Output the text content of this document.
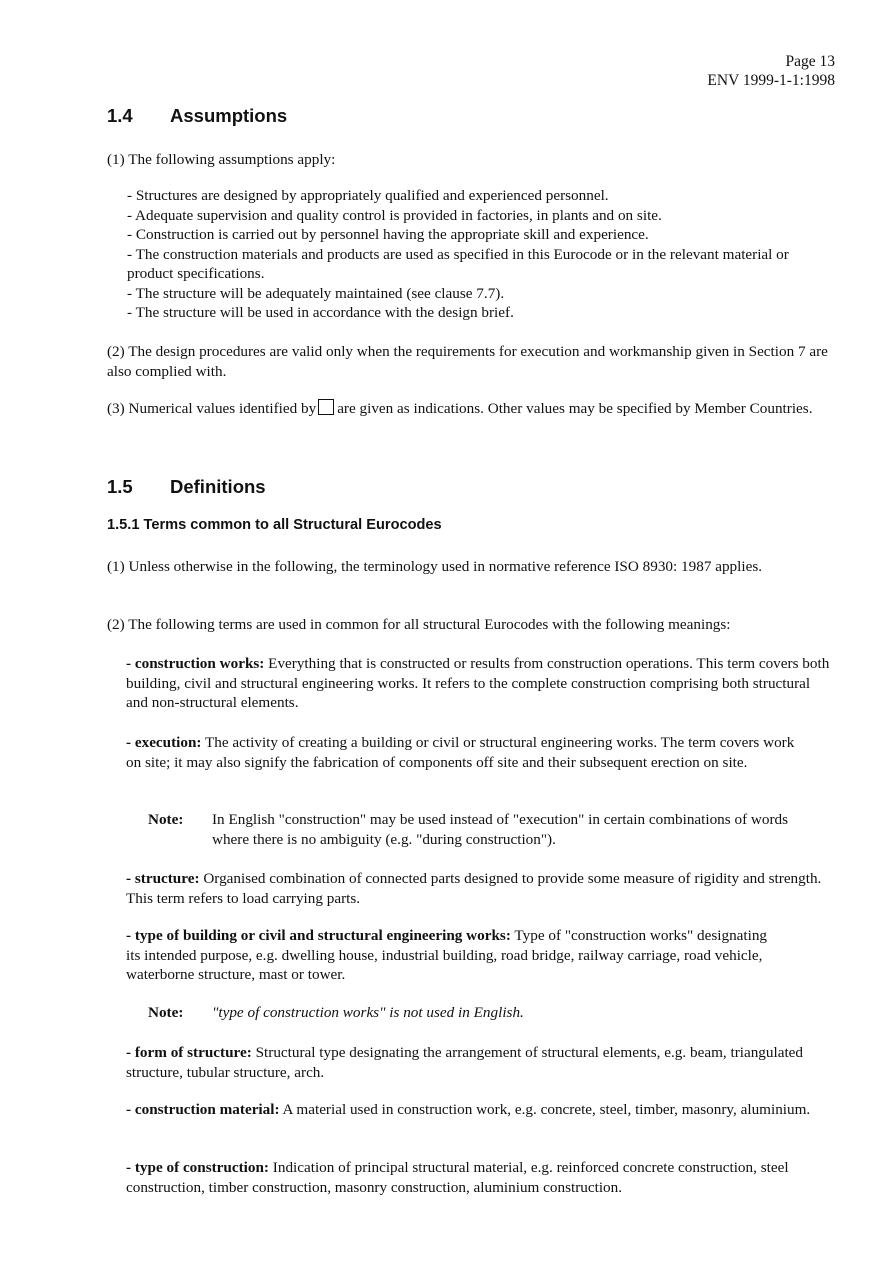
Page 13
ENV 1999-1-1:1998
1.4 Assumptions
(1) The following assumptions apply:
- Structures are designed by appropriately qualified and experienced personnel.
- Adequate supervision and quality control is provided in factories, in plants and on site.
- Construction is carried out by personnel having the appropriate skill and experience.
- The construction materials and products are used as specified in this Eurocode or in the relevant material or product specifications.
- The structure will be adequately maintained (see clause 7.7).
- The structure will be used in accordance with the design brief.
(2) The design procedures are valid only when the requirements for execution and workmanship given in Section 7 are also complied with.
(3) Numerical values identified by are given as indications. Other values may be specified by Member Countries.
1.5 Definitions
1.5.1 Terms common to all Structural Eurocodes
(1) Unless otherwise in the following, the terminology used in normative reference ISO 8930: 1987 applies.
(2) The following terms are used in common for all structural Eurocodes with the following meanings:
- construction works: Everything that is constructed or results from construction operations. This term covers both building, civil and structural engineering works. It refers to the complete construction comprising both structural and non-structural elements.
- execution: The activity of creating a building or civil or structural engineering works. The term covers work on site; it may also signify the fabrication of components off site and their subsequent erection on site.
Note: In English "construction" may be used instead of "execution" in certain combinations of words where there is no ambiguity (e.g. "during construction").
- structure: Organised combination of connected parts designed to provide some measure of rigidity and strength. This term refers to load carrying parts.
- type of building or civil and structural engineering works: Type of "construction works" designating its intended purpose, e.g. dwelling house, industrial building, road bridge, railway carriage, road vehicle, waterborne structure, mast or tower.
Note: "type of construction works" is not used in English.
- form of structure: Structural type designating the arrangement of structural elements, e.g. beam, triangulated structure, tubular structure, arch.
- construction material: A material used in construction work, e.g. concrete, steel, timber, masonry, aluminium.
- type of construction: Indication of principal structural material, e.g. reinforced concrete construction, steel construction, timber construction, masonry construction, aluminium construction.
